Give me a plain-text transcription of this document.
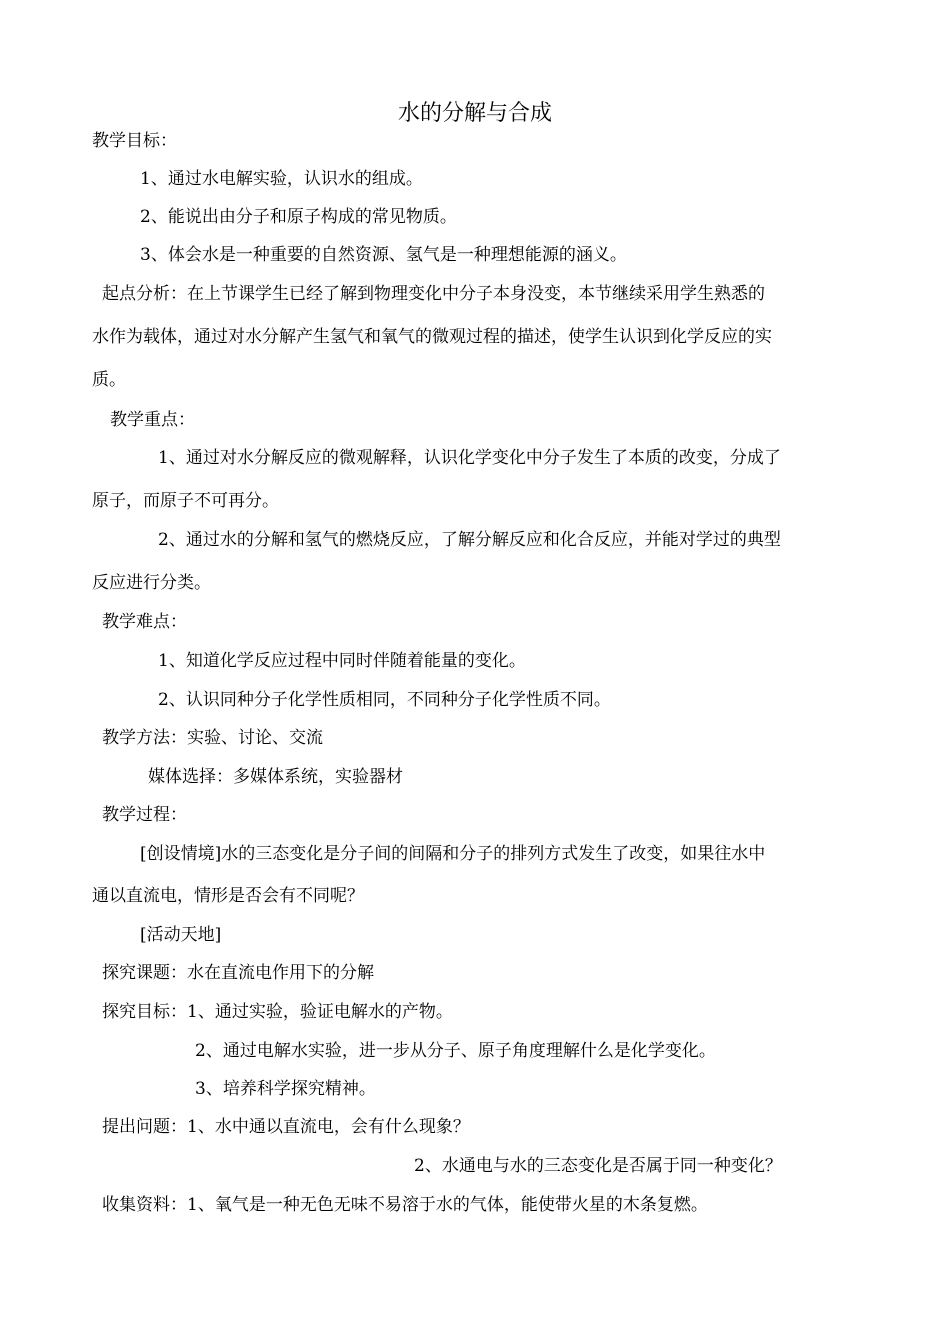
水的分解与合成
教学目标：
1、通过水电解实验，认识水的组成。
2、能说出由分子和原子构成的常见物质。
3、体会水是一种重要的自然资源、氢气是一种理想能源的涵义。
起点分析：在上节课学生已经了解到物理变化中分子本身没变，本节继续采用学生熟悉的
水作为载体，通过对水分解产生氢气和氧气的微观过程的描述，使学生认识到化学反应的实
质。
教学重点：
1、通过对水分解反应的微观解释，认识化学变化中分子发生了本质的改变，分成了
原子，而原子不可再分。
2、通过水的分解和氢气的燃烧反应，了解分解反应和化合反应，并能对学过的典型
反应进行分类。
教学难点：
1、知道化学反应过程中同时伴随着能量的变化。
2、认识同种分子化学性质相同，不同种分子化学性质不同。
教学方法：实验、讨论、交流
媒体选择：多媒体系统，实验器材
教学过程：
[创设情境]水的三态变化是分子间的间隔和分子的排列方式发生了改变，如果往水中
通以直流电，情形是否会有不同呢？
[活动天地]
探究课题：水在直流电作用下的分解
探究目标：1、通过实验，验证电解水的产物。
2、通过电解水实验，进一步从分子、原子角度理解什么是化学变化。
3、培养科学探究精神。
提出问题：1、水中通以直流电，会有什么现象？
2、水通电与水的三态变化是否属于同一种变化？
收集资料：1、氧气是一种无色无味不易溶于水的气体，能使带火星的木条复燃。
